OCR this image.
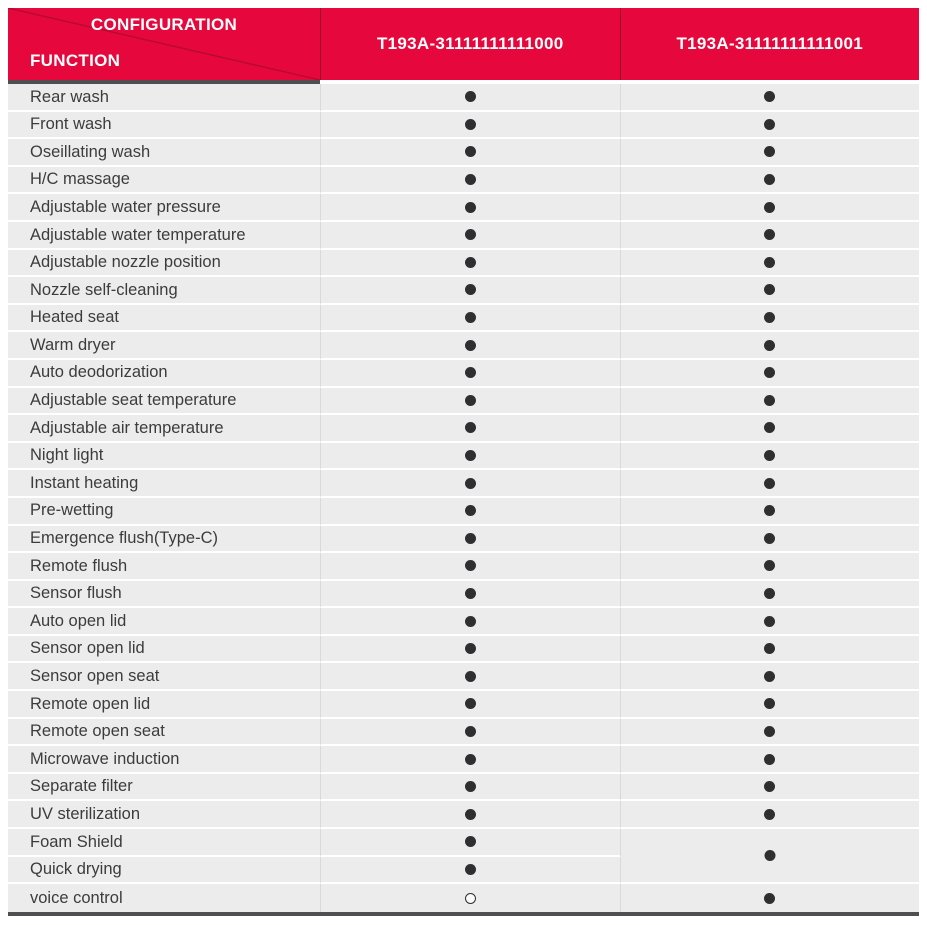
CONFIGURATION
FUNCTION
T193A-31111111111000	T193A-31111111111001
Rear wash
Front wash
Oseillating wash
H/C massage
Adjustable water pressure
Adjustable water temperature
Adjustable nozzle position
Nozzle self-cleaning
Heated seat
Warm dryer
Auto deodorization
Adjustable seat temperature
Adjustable air temperature
Night light
Instant heating
Pre-wetting
Emergence flush(Type-C)
Remote flush
Sensor flush
Auto open lid
Sensor open lid
Sensor open seat
Remote open lid
Remote open seat
Microwave induction
Separate filter
UV sterilization
Foam Shield
Quick drying
voice control
